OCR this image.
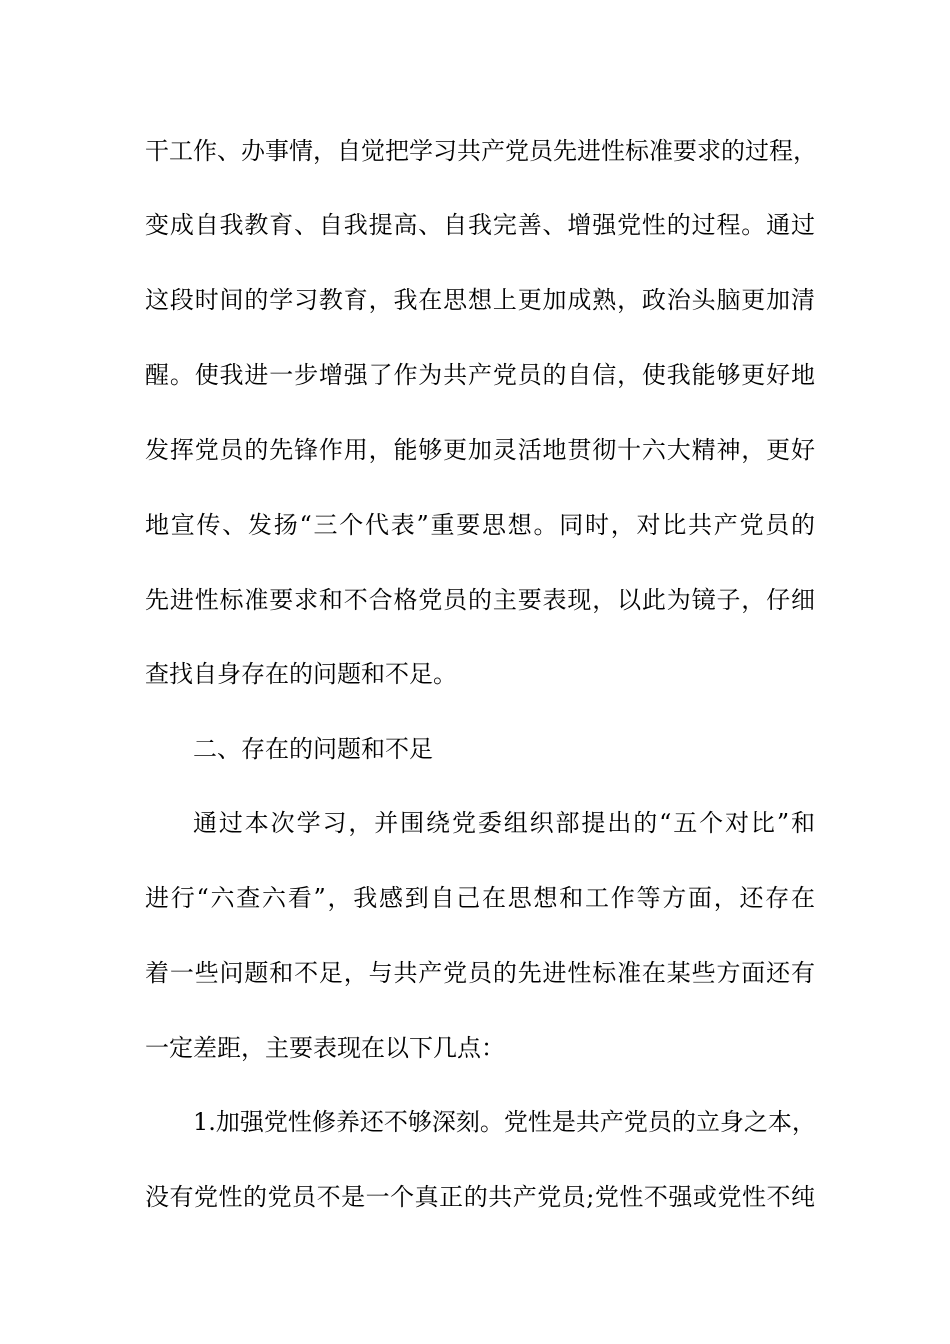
干工作、办事情，自觉把学习共产党员先进性标准要求的过程，
变成自我教育、自我提高、自我完善、增强党性的过程。通过
这段时间的学习教育，我在思想上更加成熟，政治头脑更加清
醒。使我进一步增强了作为共产党员的自信，使我能够更好地
发挥党员的先锋作用，能够更加灵活地贯彻十六大精神，更好
地宣传、发扬“三个代表”重要思想。同时，对比共产党员的
先进性标准要求和不合格党员的主要表现，以此为镜子，仔细
查找自身存在的问题和不足。
二、存在的问题和不足
通过本次学习，并围绕党委组织部提出的“五个对比”和
进行“六查六看”，我感到自己在思想和工作等方面，还存在
着一些问题和不足，与共产党员的先进性标准在某些方面还有
一定差距，主要表现在以下几点：
1.加强党性修养还不够深刻。党性是共产党员的立身之本，
没有党性的党员不是一个真正的共产党员;党性不强或党性不纯
